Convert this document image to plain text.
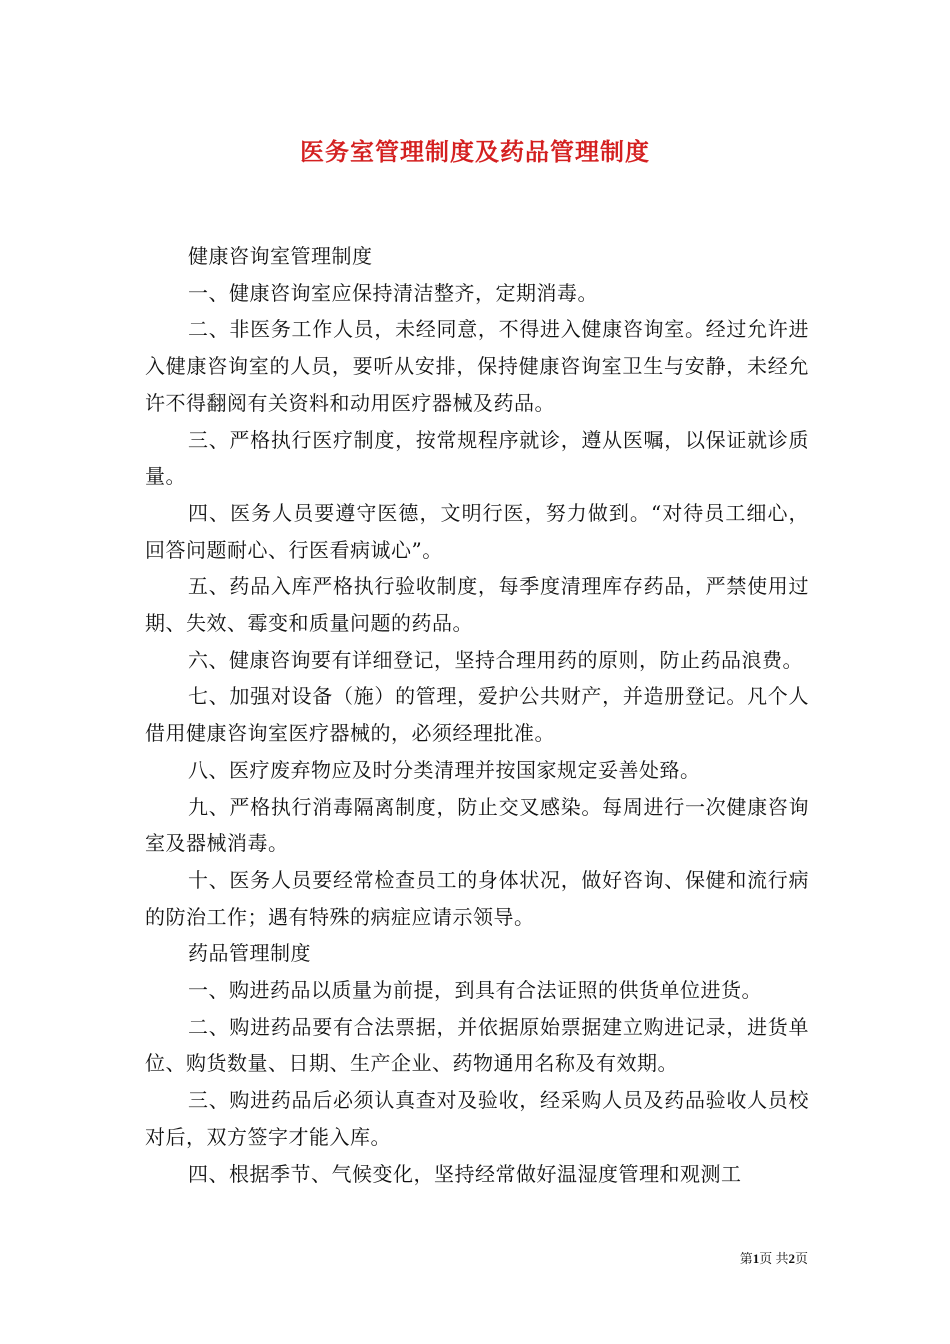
医务室管理制度及药品管理制度

健康咨询室管理制度

一、健康咨询室应保持清洁整齐，定期消毒。

二、非医务工作人员，未经同意，不得进入健康咨询室。经过允许进入健康咨询室的人员，要听从安排，保持健康咨询室卫生与安静，未经允许不得翻阅有关资料和动用医疗器械及药品。

三、严格执行医疗制度，按常规程序就诊，遵从医嘱，以保证就诊质量。

四、医务人员要遵守医德，文明行医，努力做到。“对待员工细心，回答问题耐心、行医看病诚心”。

五、药品入库严格执行验收制度，每季度清理库存药品，严禁使用过期、失效、霉变和质量问题的药品。

六、健康咨询要有详细登记，坚持合理用药的原则，防止药品浪费。

七、加强对设备（施）的管理，爱护公共财产，并造册登记。凡个人借用健康咨询室医疗器械的，必须经理批准。

八、医疗废弃物应及时分类清理并按国家规定妥善处臵。

九、严格执行消毒隔离制度，防止交叉感染。每周进行一次健康咨询室及器械消毒。

十、医务人员要经常检查员工的身体状况，做好咨询、保健和流行病的防治工作；遇有特殊的病症应请示领导。

药品管理制度

一、购进药品以质量为前提，到具有合法证照的供货单位进货。

二、购进药品要有合法票据，并依据原始票据建立购进记录，进货单位、购货数量、日期、生产企业、药物通用名称及有效期。

三、购进药品后必须认真查对及验收，经采购人员及药品验收人员校对后，双方签字才能入库。

四、根据季节、气候变化，坚持经常做好温湿度管理和观测工

第1页 共2页
